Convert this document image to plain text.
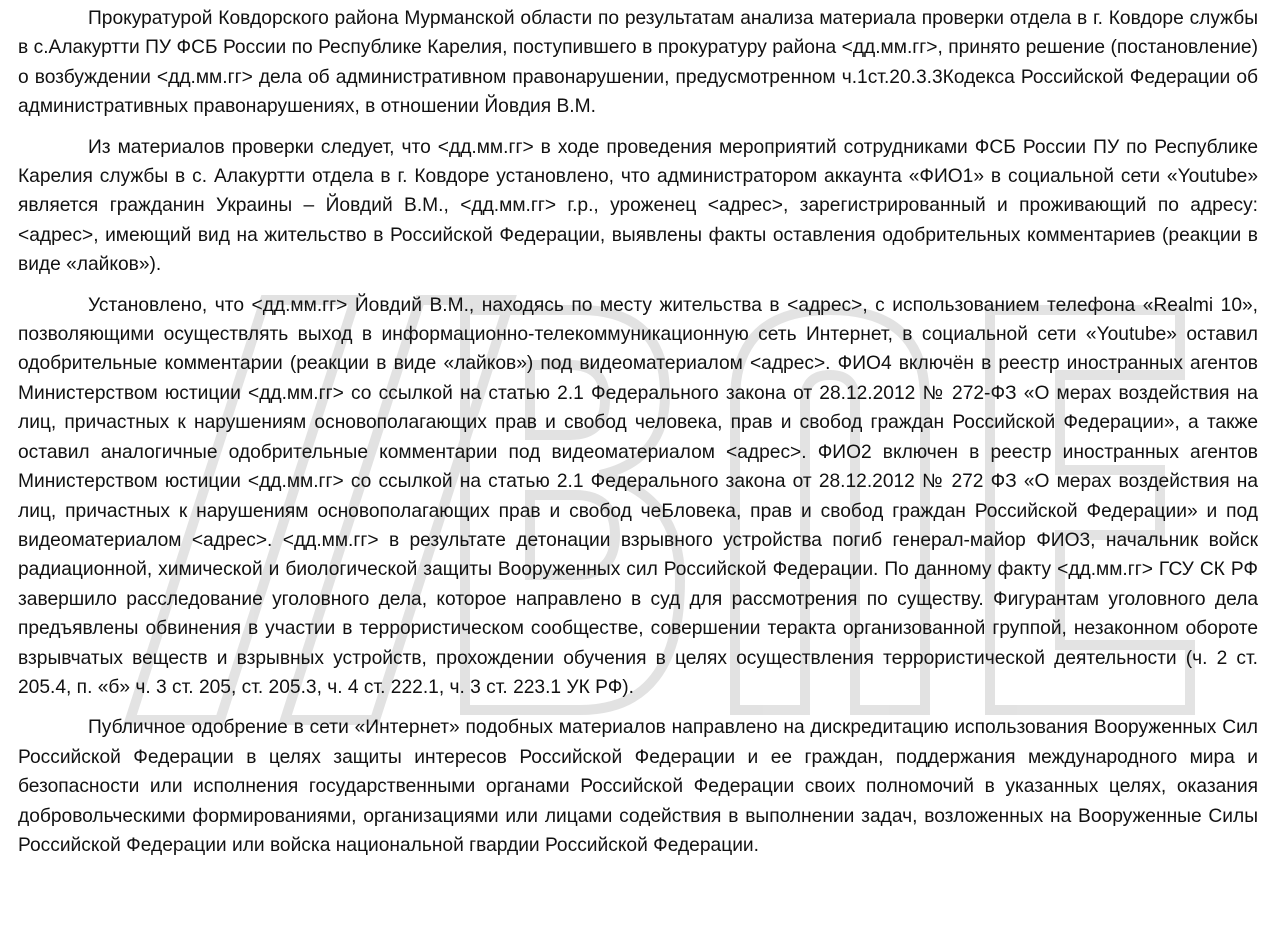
Прокуратурой Ковдорского района Мурманской области по результатам анализа материала проверки отдела в г. Ковдоре службы в с.Алакуртти ПУ ФСБ России по Республике Карелия, поступившего в прокуратуру района <дд.мм.гг>, принято решение (постановление) о возбуждении <дд.мм.гг> дела об административном правонарушении, предусмотренном ч.1ст.20.3.3Кодекса Российской Федерации об административных правонарушениях, в отношении Йовдия В.М.

Из материалов проверки следует, что <дд.мм.гг> в ходе проведения мероприятий сотрудниками ФСБ России ПУ по Республике Карелия службы в с. Алакуртти отдела в г. Ковдоре установлено, что администратором аккаунта «ФИО1» в социальной сети «Youtube» является гражданин Украины – Йовдий В.М., <дд.мм.гг> г.р., уроженец <адрес>, зарегистрированный и проживающий по адресу: <адрес>, имеющий вид на жительство в Российской Федерации, выявлены факты оставления одобрительных комментариев (реакции в виде «лайков»).

Установлено, что <дд.мм.гг> Йовдий В.М., находясь по месту жительства в <адрес>, с использованием телефона «Realmi 10», позволяющими осуществлять выход в информационно-телекоммуникационную сеть Интернет, в социальной сети «Youtube» оставил одобрительные комментарии (реакции в виде «лайков») под видеоматериалом <адрес>. ФИО4 включён в реестр иностранных агентов Министерством юстиции <дд.мм.гг> со ссылкой на статью 2.1 Федерального закона от 28.12.2012 № 272-ФЗ «О мерах воздействия на лиц, причастных к нарушениям основополагающих прав и свобод человека, прав и свобод граждан Российской Федерации», а также оставил аналогичные одобрительные комментарии под видеоматериалом <адрес>. ФИО2 включен в реестр иностранных агентов Министерством юстиции <дд.мм.гг> со ссылкой на статью 2.1 Федерального закона от 28.12.2012 № 272 ФЗ «О мерах воздействия на лиц, причастных к нарушениям основополагающих прав и свобод чеБловека, прав и свобод граждан Российской Федерации» и под видеоматериалом <адрес>. <дд.мм.гг> в результате детонации взрывного устройства погиб генерал-майор ФИО3, начальник войск радиационной, химической и биологической защиты Вооруженных сил Российской Федерации. По данному факту <дд.мм.гг> ГСУ СК РФ завершило расследование уголовного дела, которое направлено в суд для рассмотрения по существу. Фигурантам уголовного дела предъявлены обвинения в участии в террористическом сообществе, совершении теракта организованной группой, незаконном обороте взрывчатых веществ и взрывных устройств, прохождении обучения в целях осуществления террористической деятельности (ч. 2 ст. 205.4, п. «б» ч. 3 ст. 205, ст. 205.3, ч. 4 ст. 222.1, ч. 3 ст. 223.1 УК РФ).

Публичное одобрение в сети «Интернет» подобных материалов направлено на дискредитацию использования Вооруженных Сил Российской Федерации в целях защиты интересов Российской Федерации и ее граждан, поддержания международного мира и безопасности или исполнения государственными органами Российской Федерации своих полномочий в указанных целях, оказания добровольческими формированиями, организациями или лицами содействия в выполнении задач, возложенных на Вооруженные Силы Российской Федерации или войска национальной гвардии Российской Федерации.
